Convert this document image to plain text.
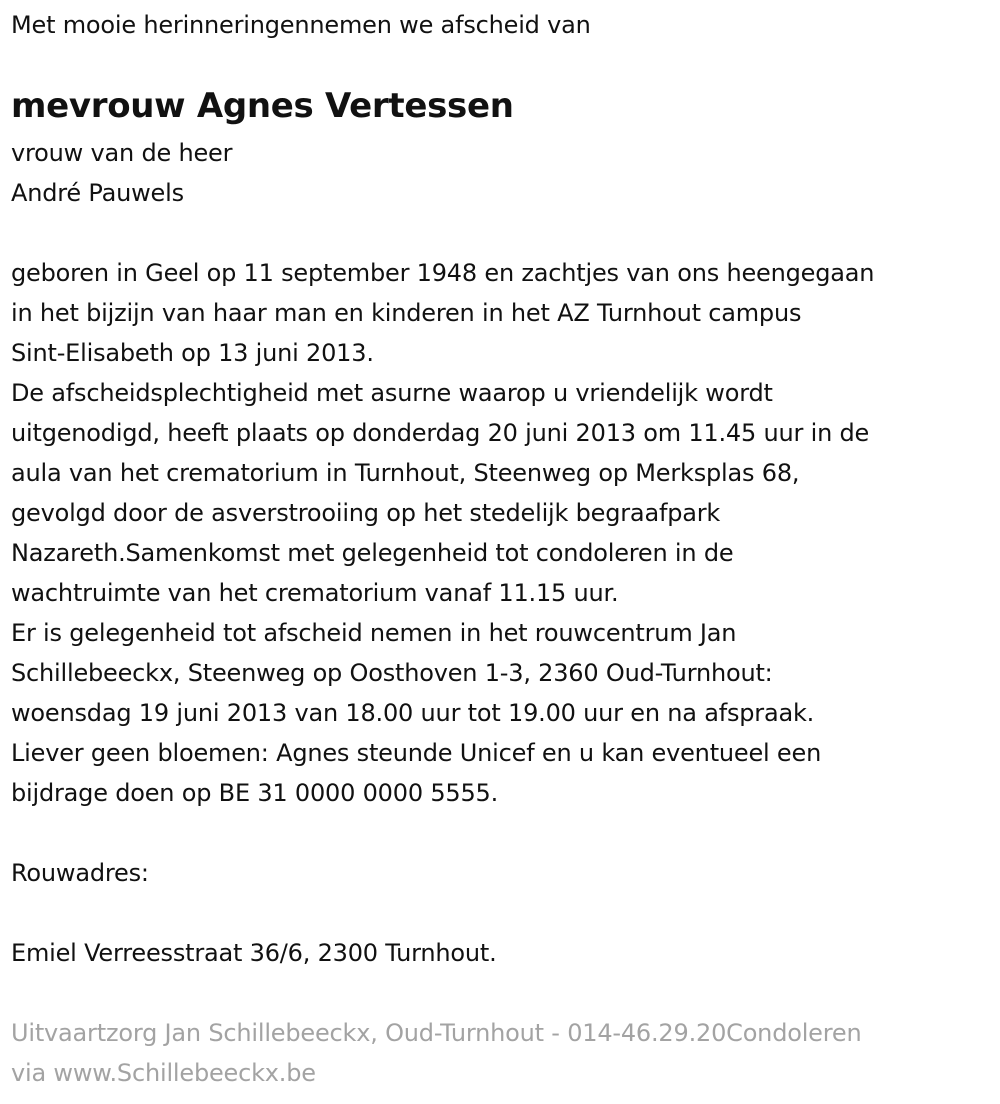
Met mooie herinneringennemen we afscheid van
mevrouw Agnes Vertessen
vrouw van de heer
André Pauwels
geboren in Geel op 11 september 1948 en zachtjes van ons heengegaan
in het bijzijn van haar man en kinderen in het AZ Turnhout campus
Sint-Elisabeth op 13 juni 2013.
De afscheidsplechtigheid met asurne waarop u vriendelijk wordt
uitgenodigd, heeft plaats op donderdag 20 juni 2013 om 11.45 uur in de
aula van het crematorium in Turnhout, Steenweg op Merksplas 68,
gevolgd door de asverstrooiing op het stedelijk begraafpark
Nazareth.Samenkomst met gelegenheid tot condoleren in de
wachtruimte van het crematorium vanaf 11.15 uur.
Er is gelegenheid tot afscheid nemen in het rouwcentrum Jan
Schillebeeckx, Steenweg op Oosthoven 1-3, 2360 Oud-Turnhout:
woensdag 19 juni 2013 van 18.00 uur tot 19.00 uur en na afspraak.
Liever geen bloemen: Agnes steunde Unicef en u kan eventueel een
bijdrage doen op BE 31 0000 0000 5555.
Rouwadres:
Emiel Verreesstraat 36/6, 2300 Turnhout.
Uitvaartzorg Jan Schillebeeckx, Oud-Turnhout - 014-46.29.20Condoleren
via www.Schillebeeckx.be
